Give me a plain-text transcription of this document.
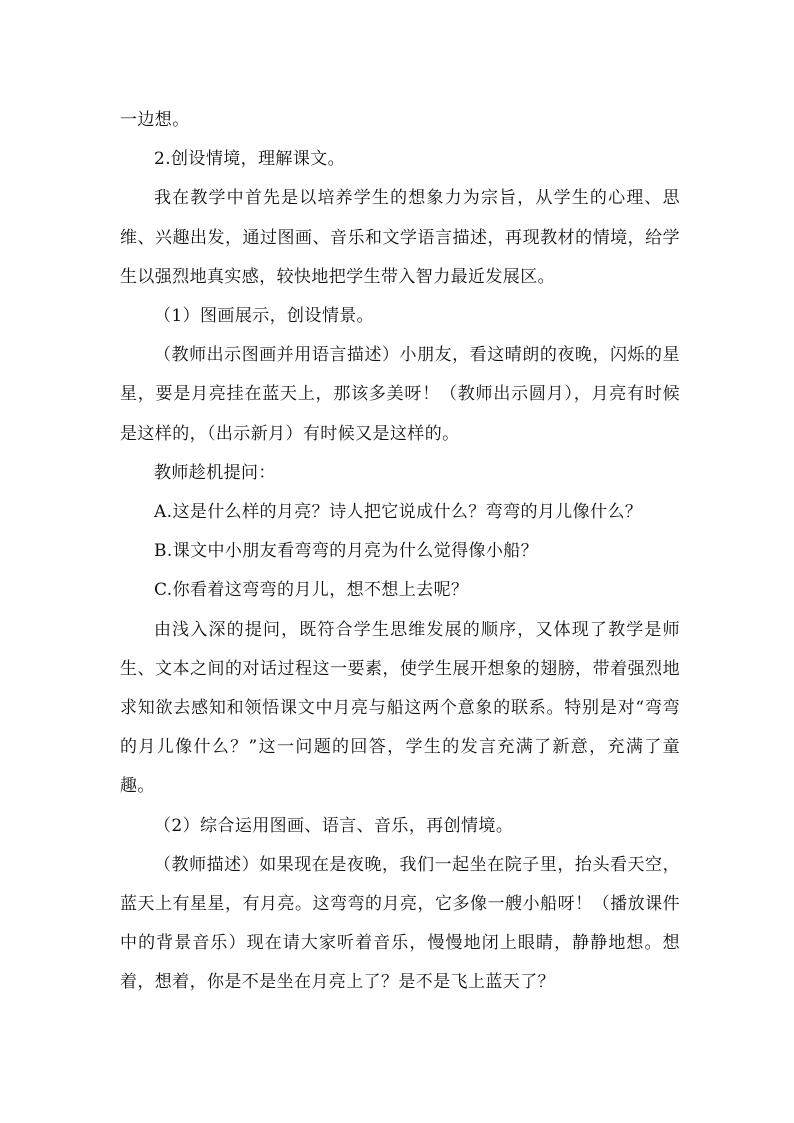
一边想。

2.创设情境，理解课文。

我在教学中首先是以培养学生的想象力为宗旨，从学生的心理、思维、兴趣出发，通过图画、音乐和文学语言描述，再现教材的情境，给学生以强烈地真实感，较快地把学生带入智力最近发展区。

（1）图画展示，创设情景。

（教师出示图画并用语言描述）小朋友，看这晴朗的夜晚，闪烁的星星，要是月亮挂在蓝天上，那该多美呀！（教师出示圆月），月亮有时候是这样的，（出示新月）有时候又是这样的。

教师趁机提问：

A.这是什么样的月亮？诗人把它说成什么？弯弯的月儿像什么？

B.课文中小朋友看弯弯的月亮为什么觉得像小船？

C.你看着这弯弯的月儿，想不想上去呢？

由浅入深的提问，既符合学生思维发展的顺序，又体现了教学是师生、文本之间的对话过程这一要素，使学生展开想象的翅膀，带着强烈地求知欲去感知和领悟课文中月亮与船这两个意象的联系。特别是对“弯弯的月儿像什么？”这一问题的回答，学生的发言充满了新意，充满了童趣。

（2）综合运用图画、语言、音乐，再创情境。

（教师描述）如果现在是夜晚，我们一起坐在院子里，抬头看天空，蓝天上有星星，有月亮。这弯弯的月亮，它多像一艘小船呀！（播放课件中的背景音乐）现在请大家听着音乐，慢慢地闭上眼睛，静静地想。想着，想着，你是不是坐在月亮上了？是不是飞上蓝天了？
